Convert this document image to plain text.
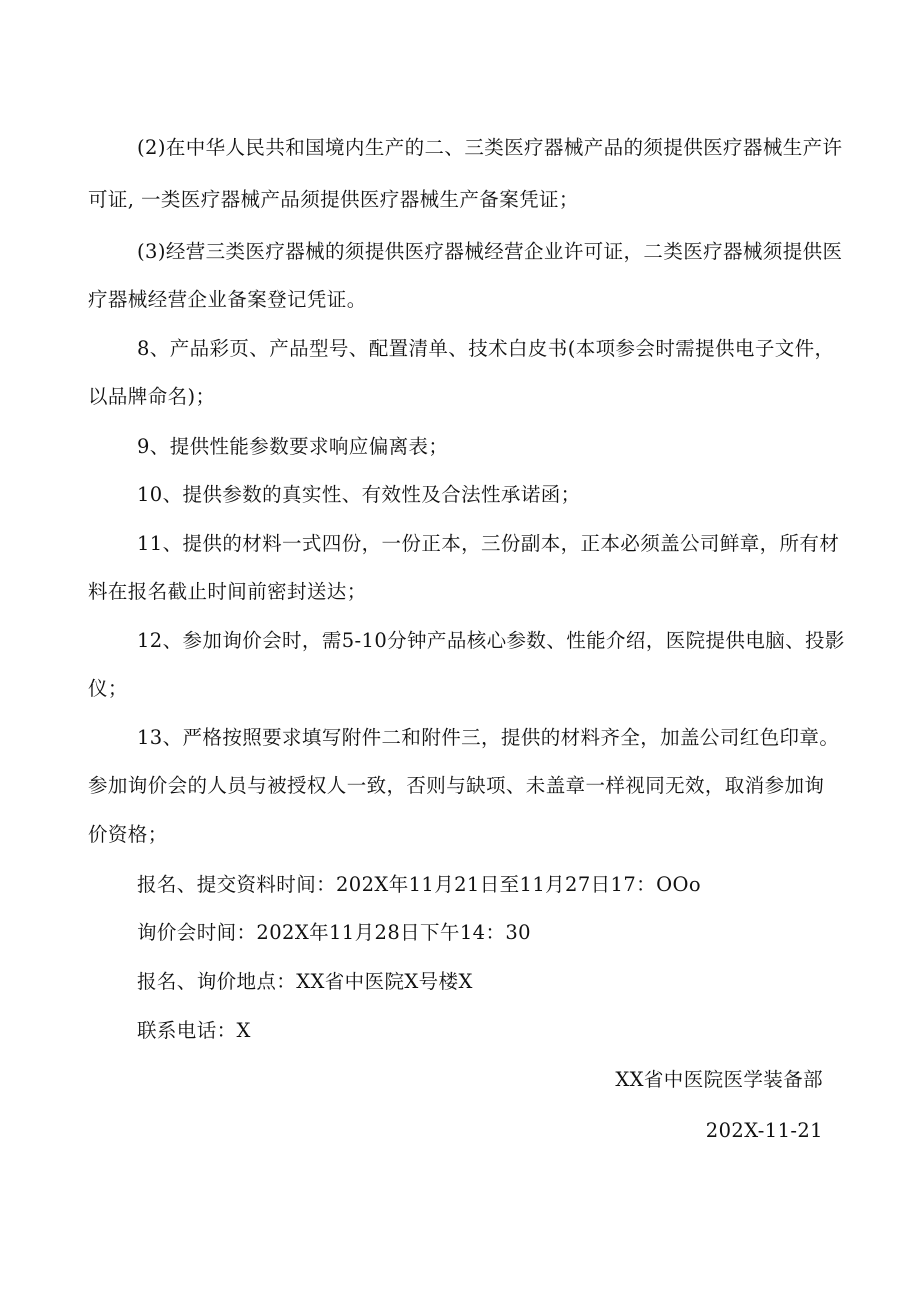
(2)在中华人民共和国境内生产的二、三类医疗器械产品的须提供医疗器械生产许
可证, 一类医疗器械产品须提供医疗器械生产备案凭证；
(3)经营三类医疗器械的须提供医疗器械经营企业许可证，二类医疗器械须提供医
疗器械经营企业备案登记凭证。
8、产品彩页、产品型号、配置清单、技术白皮书(本项参会时需提供电子文件，
以品牌命名)；
9、提供性能参数要求响应偏离表；
10、提供参数的真实性、有效性及合法性承诺函；
11、提供的材料一式四份，一份正本，三份副本，正本必须盖公司鲜章，所有材
料在报名截止时间前密封送达；
12、参加询价会时，需5-10分钟产品核心参数、性能介绍，医院提供电脑、投影
仪；
13、严格按照要求填写附件二和附件三，提供的材料齐全，加盖公司红色印章。
参加询价会的人员与被授权人一致，否则与缺项、未盖章一样视同无效，取消参加询
价资格；
报名、提交资料时间：202X年11月21日至11月27日17：OOo
询价会时间：202X年11月28日下午14：30
报名、询价地点：XX省中医院X号楼X
联系电话：X
XX省中医院医学装备部
202X-11-21
